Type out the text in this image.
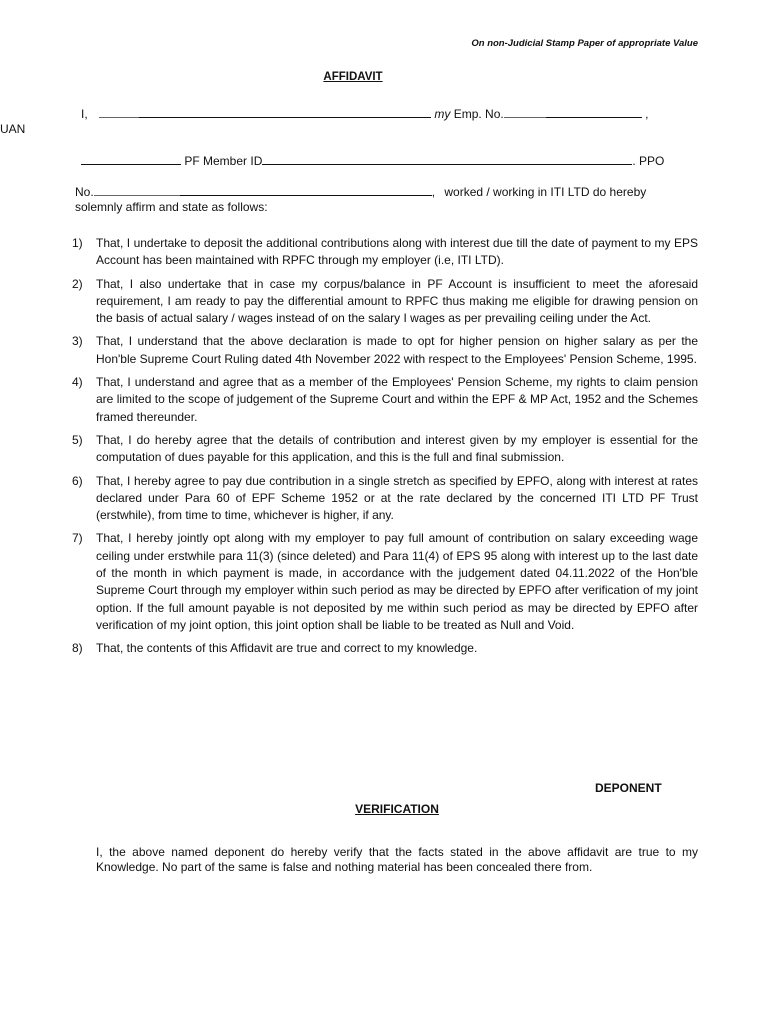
On non-Judicial Stamp Paper of appropriate Value
AFFIDAVIT
I,	my Emp. No.	,
UAN
PF Member ID	. PPO
No.	, worked / working in ITI LTD do hereby
solemnly affirm and state as follows:
1)	That, I undertake to deposit the additional contributions along with interest due till the date of payment to my EPS Account has been maintained with RPFC through my employer (i.e, ITI LTD).
2)	That, I also undertake that in case my corpus/balance in PF Account is insufficient to meet the aforesaid requirement, I am ready to pay the differential amount to RPFC thus making me eligible for drawing pension on the basis of actual salary / wages instead of on the salary I wages as per prevailing ceiling under the Act.
3)	That, I understand that the above declaration is made to opt for higher pension on higher salary as per the Hon'ble Supreme Court Ruling dated 4th November 2022 with respect to the Employees' Pension Scheme, 1995.
4)	That, I understand and agree that as a member of the Employees' Pension Scheme, my rights to claim pension are limited to the scope of judgement of the Supreme Court and within the EPF & MP Act, 1952 and the Schemes framed thereunder.
5)	That, I do hereby agree that the details of contribution and interest given by my employer is essential for the computation of dues payable for this application, and this is the full and final submission.
6)	That, I hereby agree to pay due contribution in a single stretch as specified by EPFO, along with interest at rates declared under Para 60 of EPF Scheme 1952 or at the rate declared by the concerned ITI LTD PF Trust (erstwhile), from time to time, whichever is higher, if any.
7)	That, I hereby jointly opt along with my employer to pay full amount of contribution on salary exceeding wage ceiling under erstwhile para 11(3) (since deleted) and Para 11(4) of EPS 95 along with interest up to the last date of the month in which payment is made, in accordance with the judgement dated 04.11.2022 of the Hon'ble Supreme Court through my employer within such period as may be directed by EPFO after verification of my joint option. If the full amount payable is not deposited by me within such period as may be directed by EPFO after verification of my joint option, this joint option shall be liable to be treated as Null and Void.
8)	That, the contents of this Affidavit are true and correct to my knowledge.
DEPONENT
VERIFICATION
I, the above named deponent do hereby verify that the facts stated in the above affidavit are true to my Knowledge. No part of the same is false and nothing material has been concealed there from.
